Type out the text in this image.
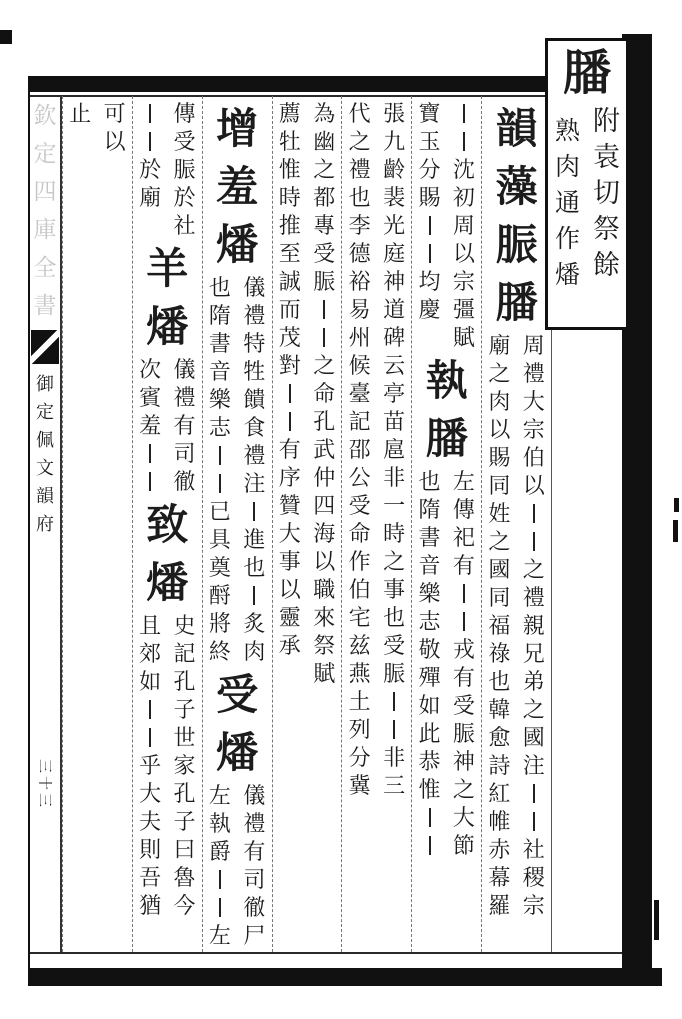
膰
附
袁
切
祭
餘
熟
肉
通
作
燔
欽
定
四
庫
全
書
御
定
佩
文
韻
府
三十三
韻
藻
脤
膰
周
禮
大
宗
伯
以
之
禮
親
兄
弟
之
國
注
社
稷
宗
廟
之
肉
以
賜
同
姓
之
國
同
福
祿
也
韓
愈
詩
紅
帷
赤
幕
羅
沈
初
周
以
宗
彊
賦
寶
玉
分
賜
均
慶
執
膰
左
傳
祀
有
戎
有
受
脤
神
之
大
節
也
隋
書
音
樂
志
敬
殫
如
此
恭
惟
張
九
齡
裴
光
庭
神
道
碑
云
亭
苗
扈
非
一
時
之
事
也
受
脤
非
三
代
之
禮
也
李
德
裕
易
州
候
臺
記
邵
公
受
命
作
伯
宅
兹
燕
土
列
分
冀
為
幽
之
都
專
受
脤
之
命
孔
武
仲
四
海
以
職
來
祭
賦
薦
牡
惟
時
推
至
誠
而
茂
對
有
序
贊
大
事
以
靈
承
增
羞
燔
儀
禮
特
牲
饋
食
禮
注
進
也
炙
肉
也
隋
書
音
樂
志
已
具
奠
酹
將
終
受
燔
儀
禮
有
司
徹
尸
左
執
爵
左
傳
受
脤
於
社
於
廟
羊
燔
儀
禮
有
司
徹
次
賓
羞
致
燔
史
記
孔
子
世
家
孔
子
曰
魯
今
且
郊
如
乎
大
夫
則
吾
猶
可
以
止
